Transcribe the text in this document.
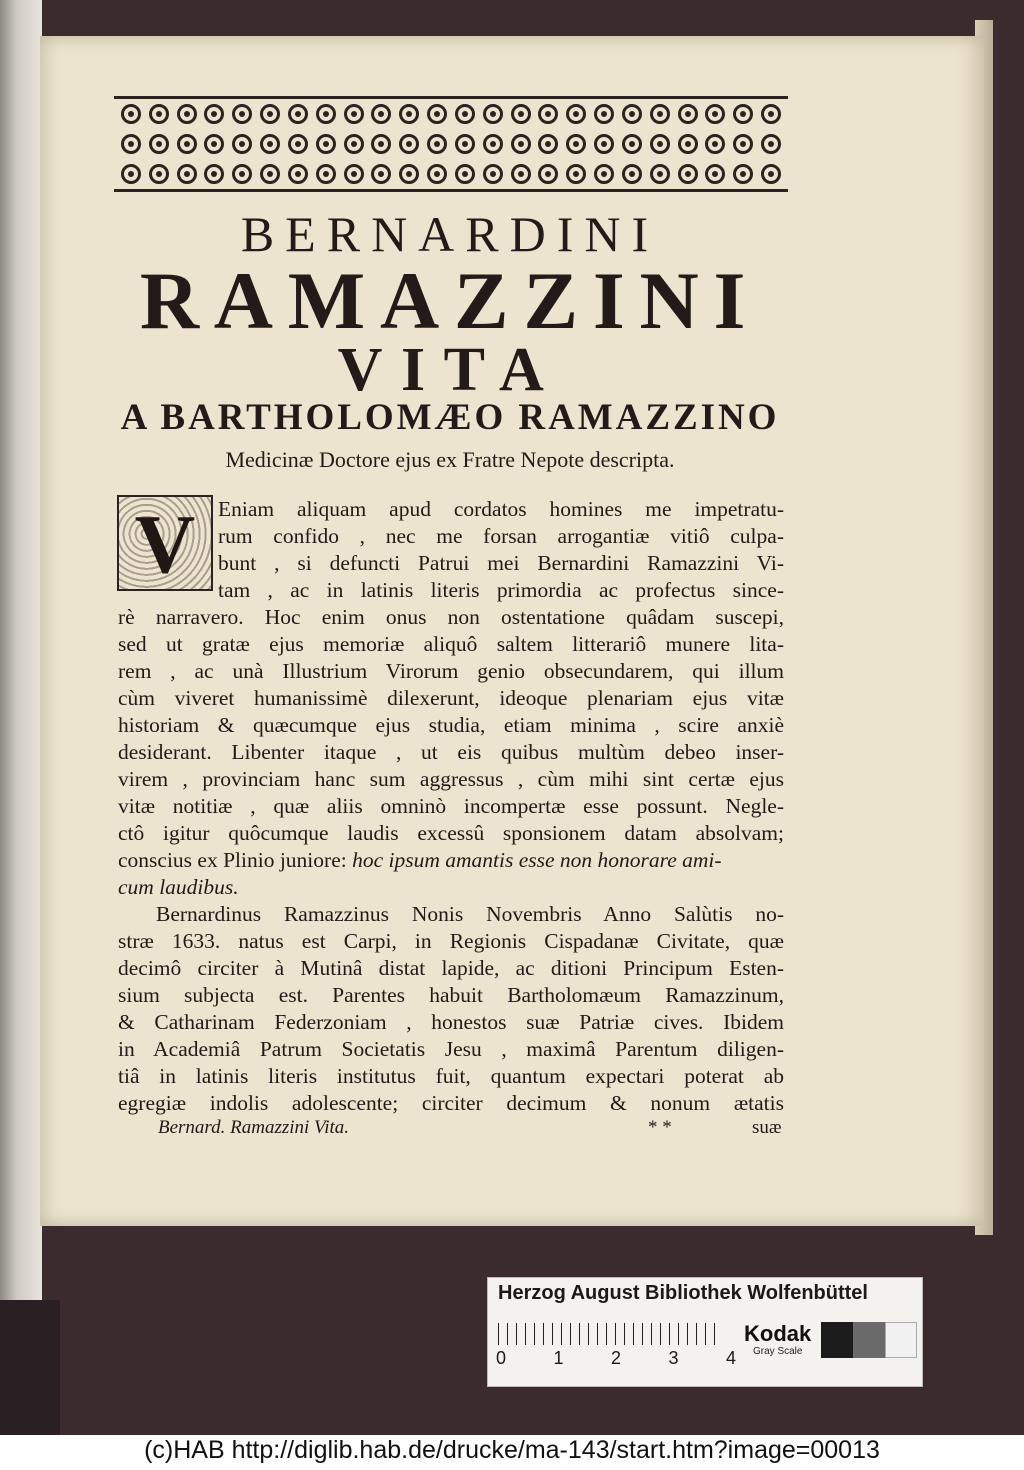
BERNARDINI
RAMAZZINI
VITA
A BARTHOLOMÆO RAMAZZINO
Medicinæ Doctore ejus ex Fratre Nepote descripta.
V	Eniam aliquam apud cordatos homines me impetratu-
rum confido , nec me forsan arrogantiæ vitiô culpa-
bunt , si defuncti Patrui mei Bernardini Ramazzini Vi-
tam , ac in latinis literis primordia ac profectus since-
rè narravero. Hoc enim onus non ostentatione quâdam suscepi,
sed ut gratæ ejus memoriæ aliquô saltem litterariô munere lita-
rem , ac unà Illustrium Virorum genio obsecundarem, qui illum
cùm viveret humanissimè dilexerunt, ideoque plenariam ejus vitæ
historiam & quæcumque ejus studia, etiam minima , scire anxiè
desiderant. Libenter itaque , ut eis quibus multùm debeo inser-
virem , provinciam hanc sum aggressus , cùm mihi sint certæ ejus
vitæ notitiæ , quæ aliis omninò incompertæ esse possunt. Negle-
ctô igitur quôcumque laudis excessû sponsionem datam absolvam;
conscius ex Plinio juniore: hoc ipsum amantis esse non honorare ami-
cum laudibus.
Bernardinus Ramazzinus Nonis Novembris Anno Salùtis no-
stræ 1633. natus est Carpi, in Regionis Cispadanæ Civitate, quæ
decimô circiter à Mutinâ distat lapide, ac ditioni Principum Esten-
sium subjecta est. Parentes habuit Bartholomæum Ramazzinum,
& Catharinam Federzoniam , honestos suæ Patriæ cives. Ibidem
in Academiâ Patrum Societatis Jesu , maximâ Parentum diligen-
tiâ in latinis literis institutus fuit, quantum expectari poterat ab
egregiæ indolis adolescente; circiter decimum & nonum ætatis
Bernard. Ramazzini Vita.	* *	suæ
Herzog August Bibliothek Wolfenbüttel
0	1	2	3	4
Kodak
Gray Scale
(c)HAB http://diglib.hab.de/drucke/ma-143/start.htm?image=00013
